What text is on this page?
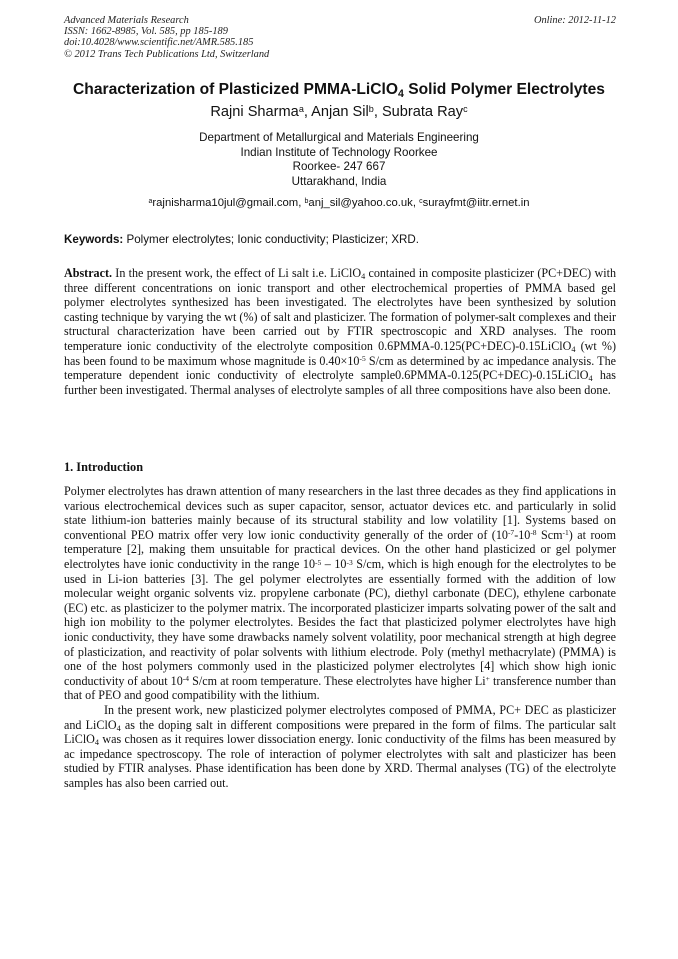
Advanced Materials Research
ISSN: 1662-8985, Vol. 585, pp 185-189
doi:10.4028/www.scientific.net/AMR.585.185
© 2012 Trans Tech Publications Ltd, Switzerland
Online: 2012-11-12
Characterization of Plasticized PMMA-LiClO$_4$ Solid Polymer Electrolytes
Rajni Sharma$^a$, Anjan Sil$^b$, Subrata Ray$^c$
Department of Metallurgical and Materials Engineering
Indian Institute of Technology Roorkee
Roorkee- 247 667
Uttarakhand, India
$^a$rajnisharma10jul@gmail.com, $^b$anj_sil@yahoo.co.uk, $^c$surayfmt@iitr.ernet.in
Keywords: Polymer electrolytes; Ionic conductivity; Plasticizer; XRD.
Abstract. In the present work, the effect of Li salt i.e. LiClO$_4$ contained in composite plasticizer (PC+DEC) with three different concentrations on ionic transport and other electrochemical properties of PMMA based gel polymer electrolytes synthesized has been investigated. The electrolytes have been synthesized by solution casting technique by varying the wt (%) of salt and plasticizer. The formation of polymer-salt complexes and their structural characterization have been carried out by FTIR spectroscopic and XRD analyses. The room temperature ionic conductivity of the electrolyte composition 0.6PMMA-0.125(PC+DEC)-0.15LiClO$_4$ (wt %) has been found to be maximum whose magnitude is $0.40\times 10^{-5}$ S/cm as determined by ac impedance analysis. The temperature dependent ionic conductivity of electrolyte sample0.6PMMA-0.125(PC+DEC)-0.15LiClO$_4$ has further been investigated. Thermal analyses of electrolyte samples of all three compositions have also been done.
1. Introduction

Polymer electrolytes has drawn attention of many researchers in the last three decades as they find applications in various electrochemical devices such as super capacitor, sensor, actuator devices etc. and particularly in solid state lithium-ion batteries mainly because of its structural stability and low volatility [1]. Systems based on conventional PEO matrix offer very low ionic conductivity generally of the order of ($10^{-7}-10^{-8}$ Scm$^{-1}$) at room temperature [2], making them unsuitable for practical devices. On the other hand plasticized or gel polymer electrolytes have ionic conductivity in the range $10^{-5} - 10^{-3}$ S/cm, which is high enough for the electrolytes to be used in Li-ion batteries [3]. The gel polymer electrolytes are essentially formed with the addition of low molecular weight organic solvents viz. propylene carbonate (PC), diethyl carbonate (DEC), ethylene carbonate (EC) etc. as plasticizer to the polymer matrix. The incorporated plasticizer imparts solvating power of the salt and high ion mobility to the polymer electrolytes. Besides the fact that plasticized polymer electrolytes have high ionic conductivity, they have some drawbacks namely solvent volatility, poor mechanical strength at high degree of plasticization, and reactivity of polar solvents with lithium electrode. Poly (methyl methacrylate) (PMMA) is one of the host polymers commonly used in the plasticized polymer electrolytes [4] which show high ionic conductivity of about $10^{-4}$ S/cm at room temperature. These electrolytes have higher Li+ transference number than that of PEO and good compatibility with the lithium.

In the present work, new plasticized polymer electrolytes composed of PMMA, PC+ DEC as plasticizer and LiClO$_4$ as the doping salt in different compositions were prepared in the form of films. The particular salt LiClO$_4$ was chosen as it requires lower dissociation energy. Ionic conductivity of the films has been measured by ac impedance spectroscopy. The role of interaction of polymer electrolytes with salt and plasticizer has been studied by FTIR analyses. Phase identification has been done by XRD. Thermal analyses (TG) of the electrolyte samples has also been carried out.
